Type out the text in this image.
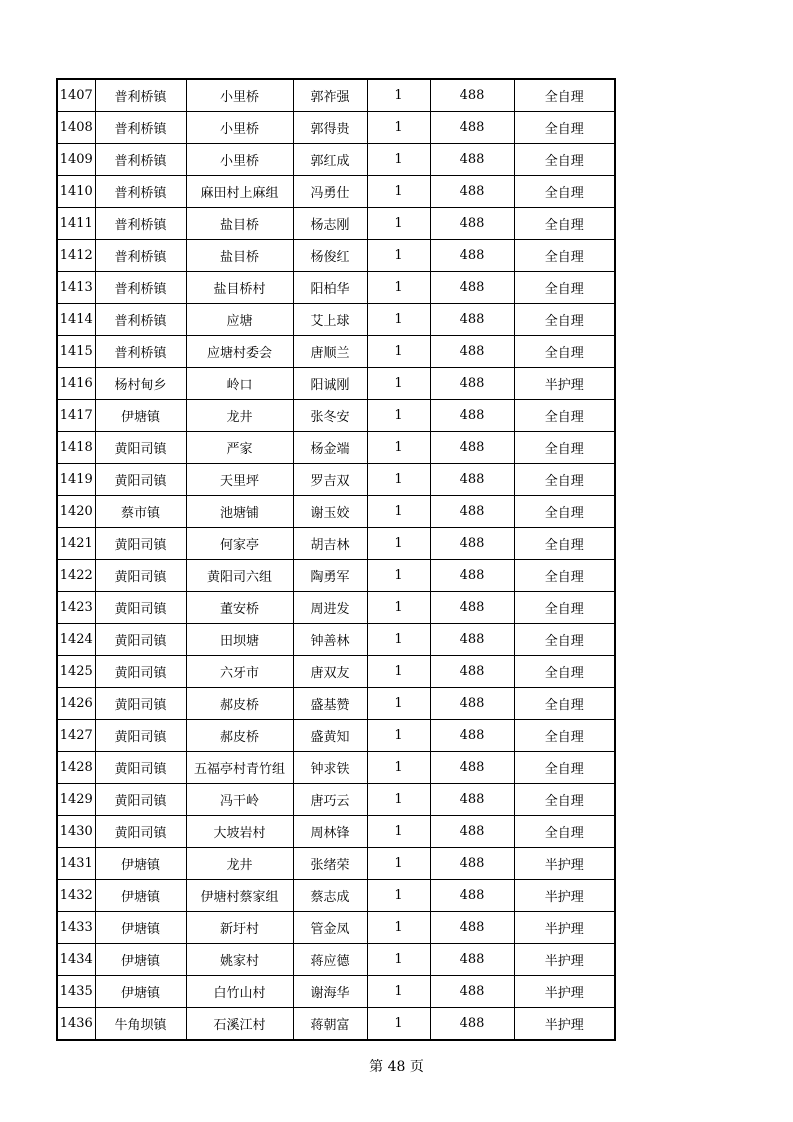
1407	普利桥镇	小里桥	郭祚强	1	488	全自理
1408	普利桥镇	小里桥	郭得贵	1	488	全自理
1409	普利桥镇	小里桥	郭红成	1	488	全自理
1410	普利桥镇	麻田村上麻组	冯勇仕	1	488	全自理
1411	普利桥镇	盐目桥	杨志刚	1	488	全自理
1412	普利桥镇	盐目桥	杨俊红	1	488	全自理
1413	普利桥镇	盐目桥村	阳柏华	1	488	全自理
1414	普利桥镇	应塘	艾上球	1	488	全自理
1415	普利桥镇	应塘村委会	唐顺兰	1	488	全自理
1416	杨村甸乡	岭口	阳诚刚	1	488	半护理
1417	伊塘镇	龙井	张冬安	1	488	全自理
1418	黄阳司镇	严家	杨金端	1	488	全自理
1419	黄阳司镇	天里坪	罗吉双	1	488	全自理
1420	蔡市镇	池塘铺	谢玉姣	1	488	全自理
1421	黄阳司镇	何家亭	胡吉林	1	488	全自理
1422	黄阳司镇	黄阳司六组	陶勇军	1	488	全自理
1423	黄阳司镇	董安桥	周进发	1	488	全自理
1424	黄阳司镇	田坝塘	钟善林	1	488	全自理
1425	黄阳司镇	六牙市	唐双友	1	488	全自理
1426	黄阳司镇	郝皮桥	盛基赞	1	488	全自理
1427	黄阳司镇	郝皮桥	盛黄知	1	488	全自理
1428	黄阳司镇	五福亭村青竹组	钟求铁	1	488	全自理
1429	黄阳司镇	冯干岭	唐巧云	1	488	全自理
1430	黄阳司镇	大坡岩村	周林锋	1	488	全自理
1431	伊塘镇	龙井	张绪荣	1	488	半护理
1432	伊塘镇	伊塘村蔡家组	蔡志成	1	488	半护理
1433	伊塘镇	新圩村	管金凤	1	488	半护理
1434	伊塘镇	姚家村	蒋应德	1	488	半护理
1435	伊塘镇	白竹山村	谢海华	1	488	半护理
1436	牛角坝镇	石溪江村	蒋朝富	1	488	半护理
第 48 页
